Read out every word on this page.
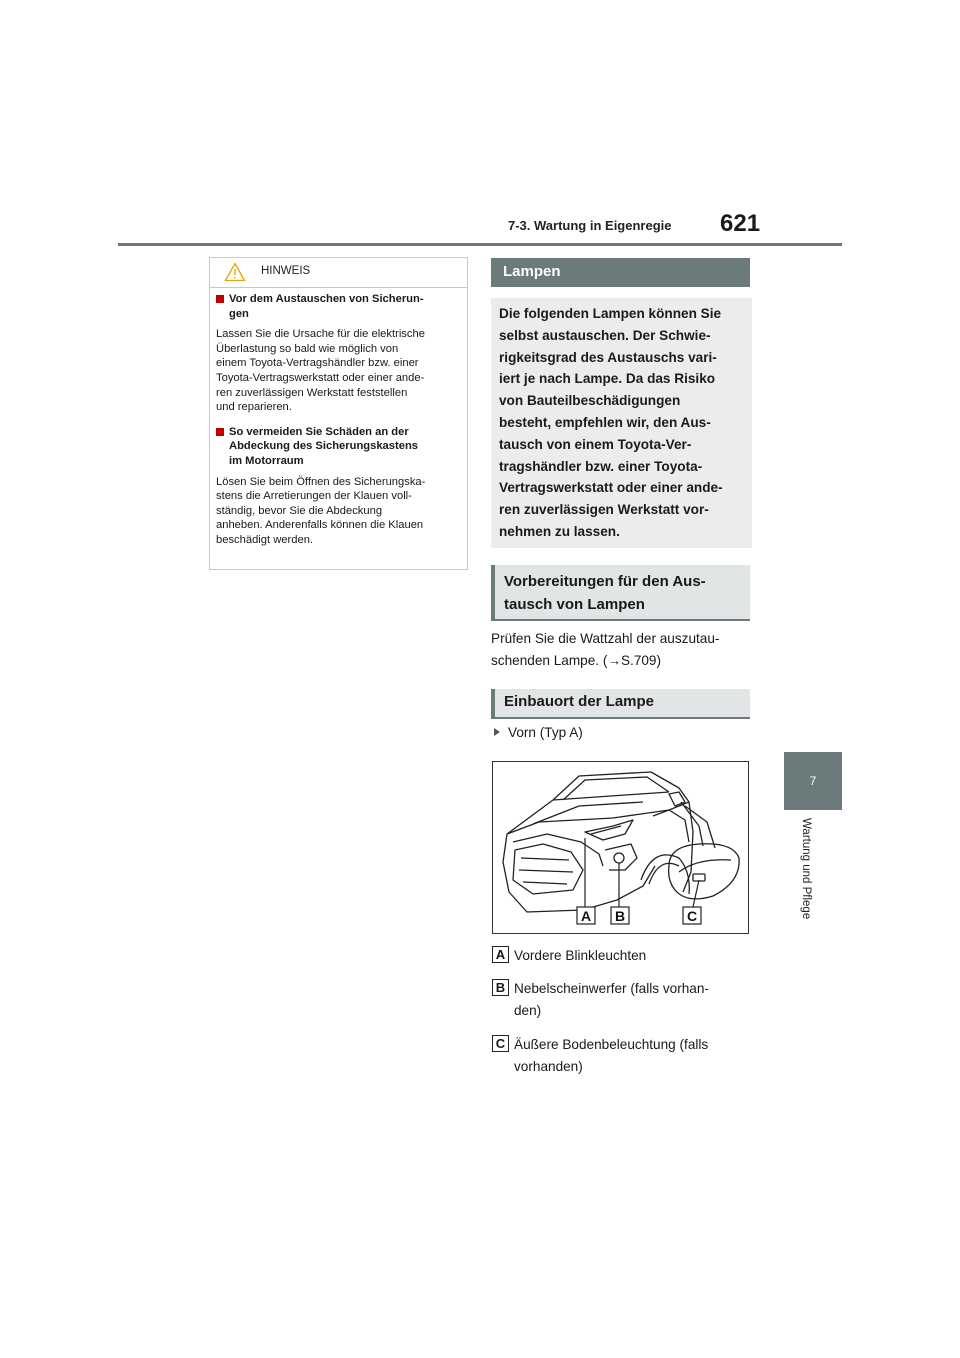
7-3. Wartung in Eigenregie 621
7
Wartung und Pflege
HINWEIS
Vor dem Austauschen von Sicherun-
gen
Lassen Sie die Ursache für die elektrische
Überlastung so bald wie möglich von
einem Toyota-Vertragshändler bzw. einer
Toyota-Vertragswerkstatt oder einer ande-
ren zuverlässigen Werkstatt feststellen
und reparieren.
So vermeiden Sie Schäden an der
Abdeckung des Sicherungskastens
im Motorraum
Lösen Sie beim Öffnen des Sicherungska-
stens die Arretierungen der Klauen voll-
ständig, bevor Sie die Abdeckung
anheben. Anderenfalls können die Klauen
beschädigt werden.
Lampen
Die folgenden Lampen können Sie
selbst austauschen. Der Schwie-
rigkeitsgrad des Austauschs vari-
iert je nach Lampe. Da das Risiko
von Bauteilbeschädigungen
besteht, empfehlen wir, den Aus-
tausch von einem Toyota-Ver-
tragshändler bzw. einer Toyota-
Vertragswerkstatt oder einer ande-
ren zuverlässigen Werkstatt vor-
nehmen zu lassen.
Vorbereitungen für den Aus-
tausch von Lampen
Prüfen Sie die Wattzahl der auszutau-
schenden Lampe. (→S.709)
Einbauort der Lampe
Vorn (Typ A)
A B	C
A Vordere Blinkleuchten
B Nebelscheinwerfer (falls vorhan-
den)
C Äußere Bodenbeleuchtung (falls
vorhanden)
